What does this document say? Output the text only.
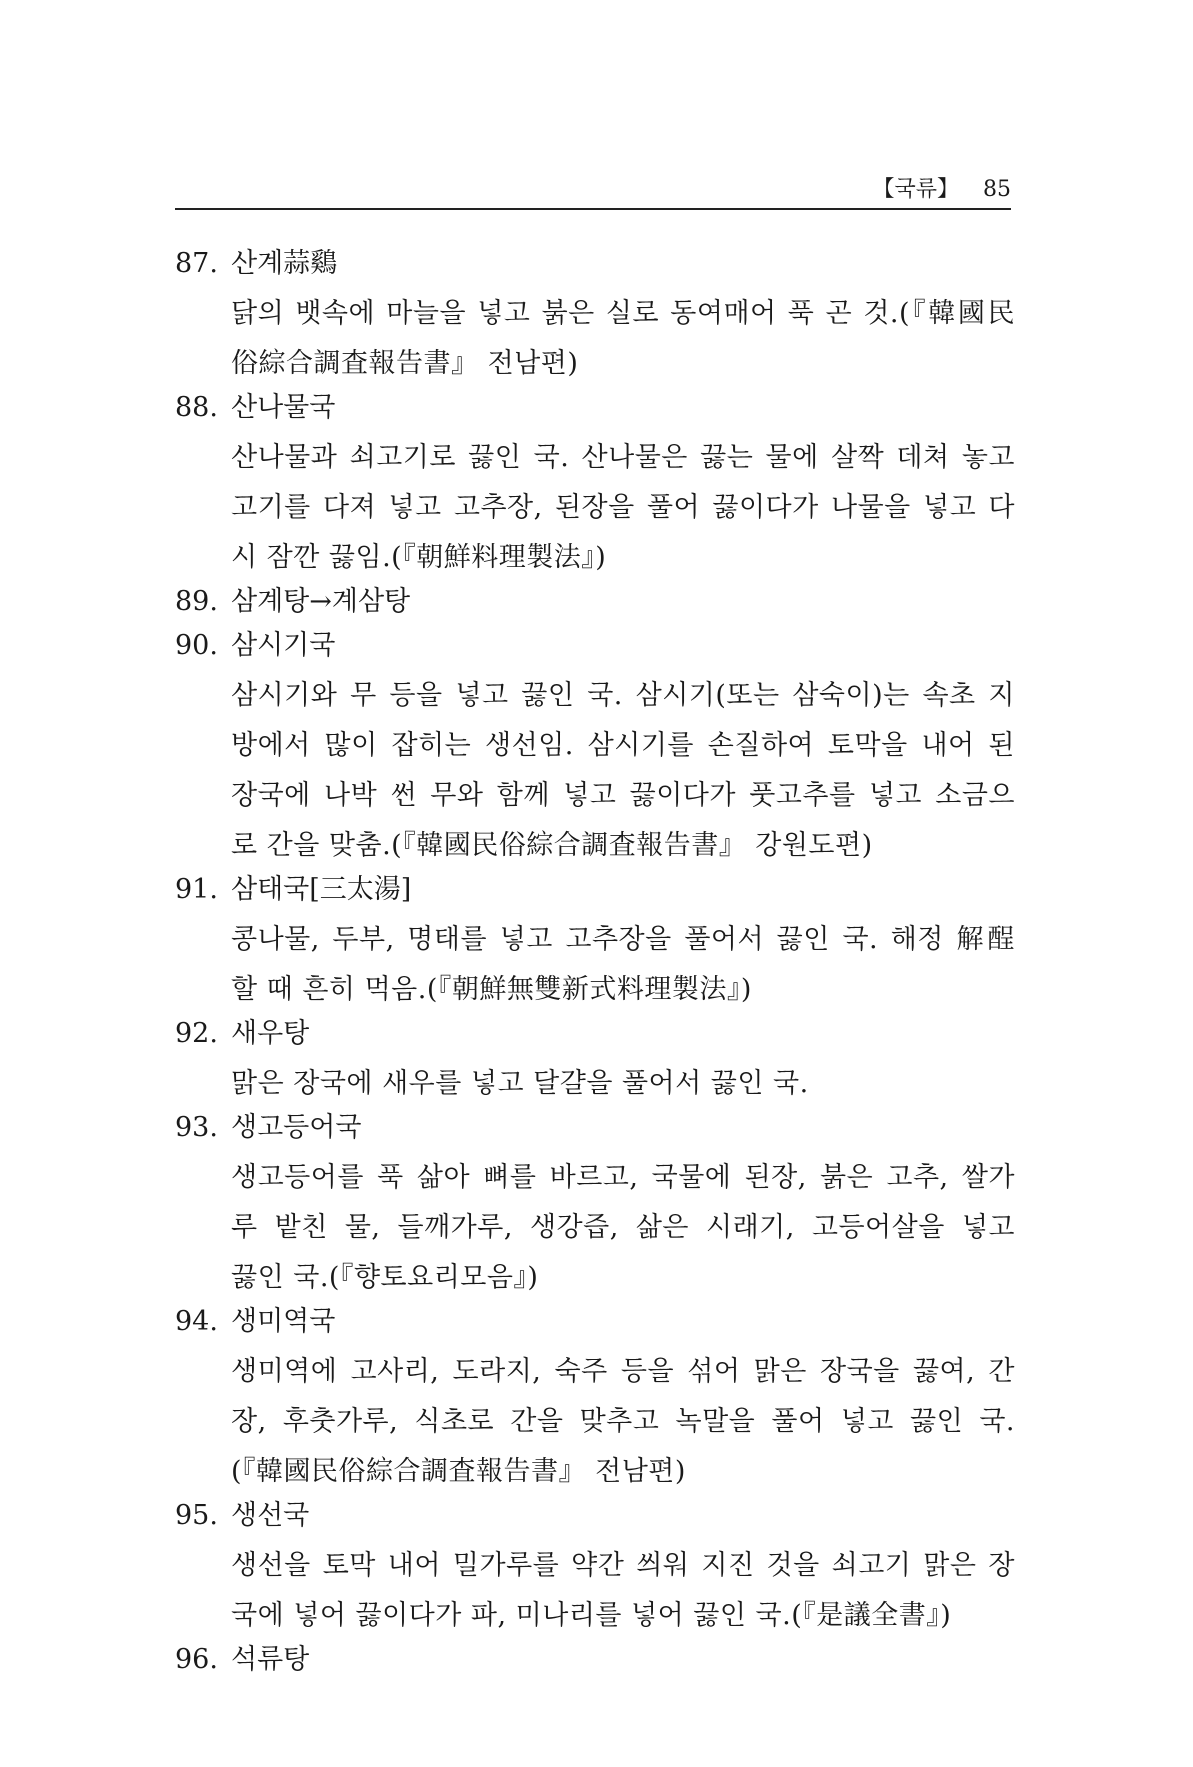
【국류】 85
87. 산계蒜鷄
닭의 뱃속에 마늘을 넣고 붉은 실로 동여매어 푹 곤 것.(『韓國民
俗綜合調査報告書』 전남편)
88. 산나물국
산나물과 쇠고기로 끓인 국. 산나물은 끓는 물에 살짝 데쳐 놓고
고기를 다져 넣고 고추장, 된장을 풀어 끓이다가 나물을 넣고 다
시 잠깐 끓임.(『朝鮮料理製法』)
89. 삼계탕→계삼탕
90. 삼시기국
삼시기와 무 등을 넣고 끓인 국. 삼시기(또는 삼숙이)는 속초 지
방에서 많이 잡히는 생선임. 삼시기를 손질하여 토막을 내어 된
장국에 나박 썬 무와 함께 넣고 끓이다가 풋고추를 넣고 소금으
로 간을 맞춤.(『韓國民俗綜合調査報告書』 강원도편)
91. 삼태국[三太湯]
콩나물, 두부, 명태를 넣고 고추장을 풀어서 끓인 국. 해정 解酲
할 때 흔히 먹음.(『朝鮮無雙新式料理製法』)
92. 새우탕
맑은 장국에 새우를 넣고 달걀을 풀어서 끓인 국.
93. 생고등어국
생고등어를 푹 삶아 뼈를 바르고, 국물에 된장, 붉은 고추, 쌀가
루 밭친 물, 들깨가루, 생강즙, 삶은 시래기, 고등어살을 넣고
끓인 국.(『향토요리모음』)
94. 생미역국
생미역에 고사리, 도라지, 숙주 등을 섞어 맑은 장국을 끓여, 간
장, 후춧가루, 식초로 간을 맞추고 녹말을 풀어 넣고 끓인 국.
(『韓國民俗綜合調査報告書』 전남편)
95. 생선국
생선을 토막 내어 밀가루를 약간 씌워 지진 것을 쇠고기 맑은 장
국에 넣어 끓이다가 파, 미나리를 넣어 끓인 국.(『是議全書』)
96. 석류탕
